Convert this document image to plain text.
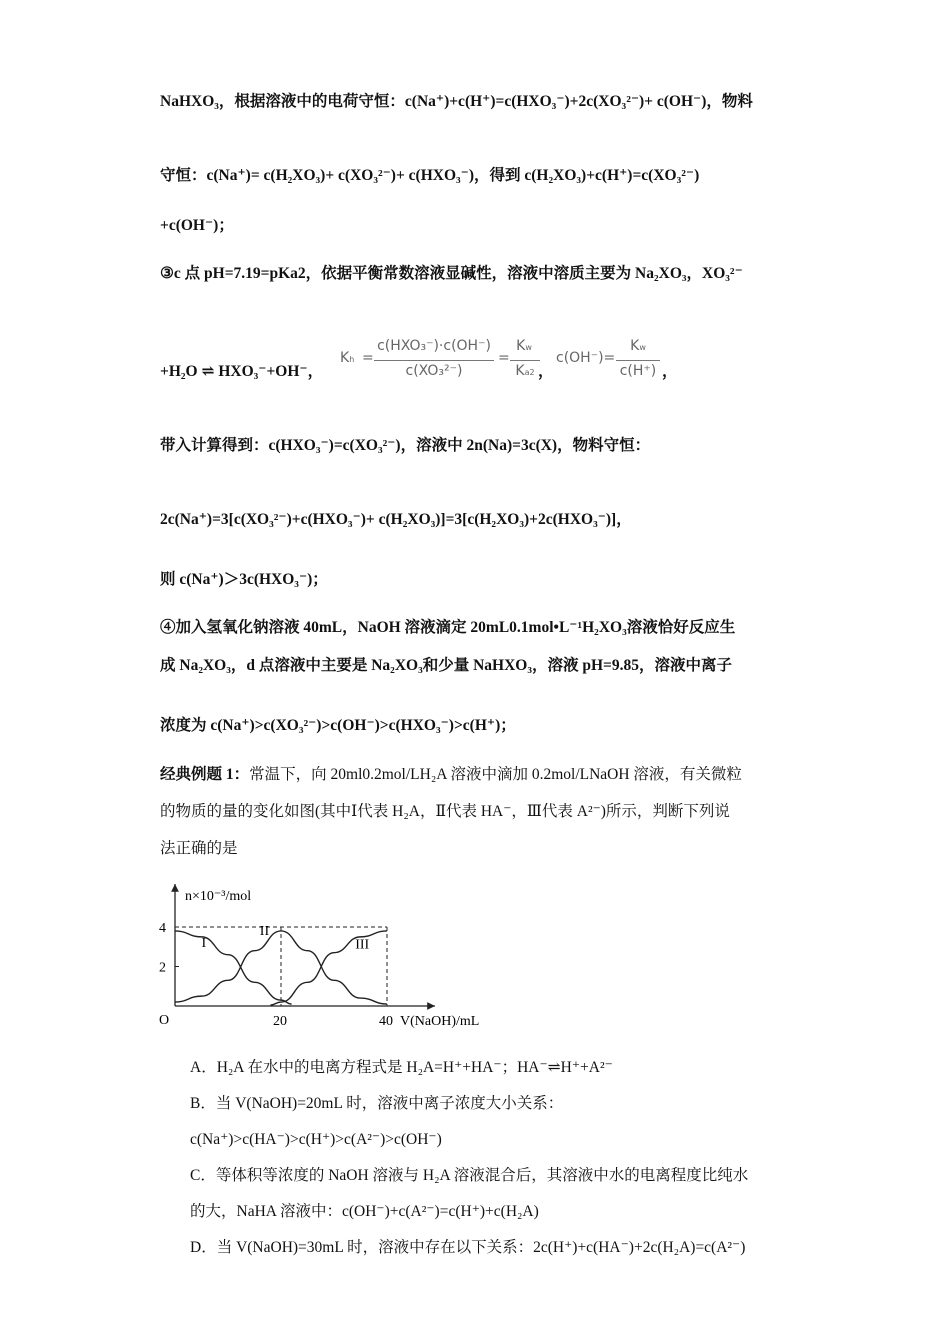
NaHXO₃，根据溶液中的电荷守恒：c(Na⁺)+c(H⁺)=c(HXO₃⁻)+2c(XO₃²⁻)+ c(OH⁻)，物料
守恒：c(Na⁺)= c(H₂XO₃)+ c(XO₃²⁻)+ c(HXO₃⁻)，得到 c(H₂XO₃)+c(H⁺)=c(XO₃²⁻)
+c(OH⁻)；
③c 点 pH=7.19=pKa2，依据平衡常数溶液显碱性，溶液中溶质主要为 Na₂XO₃，XO₃²⁻
+H₂O ⇌ HXO₃⁻+OH⁻，
Kh =
c(HXO₃⁻)·c(OH⁻)
c(XO₃²⁻)
=
Kw
Ka2 ，
c(OH⁻)=
Kw
c(H⁺) ，
带入计算得到：c(HXO₃⁻)=c(XO₃²⁻)，溶液中 2n(Na)=3c(X)，物料守恒：
2c(Na⁺)=3[c(XO₃²⁻)+c(HXO₃⁻)+ c(H₂XO₃)]=3[c(H₂XO₃)+2c(HXO₃⁻)]，
则 c(Na⁺)＞3c(HXO₃⁻)；
④加入氢氧化钠溶液 40mL，NaOH 溶液滴定 20mL0.1mol•L⁻¹H₂XO₃溶液恰好反应生
成 Na₂XO₃，d 点溶液中主要是 Na₂XO₃和少量 NaHXO₃，溶液 pH=9.85，溶液中离子
浓度为 c(Na⁺)>c(XO₃²⁻)>c(OH⁻)>c(HXO₃⁻)>c(H⁺)；
经典例题 1：常温下，向 20ml0.2mol/LH₂A 溶液中滴加 0.2mol/LNaOH 溶液，有关微粒
的物质的量的变化如图(其中Ⅰ代表 H₂A，Ⅱ代表 HA⁻，Ⅲ代表 A²⁻)所示，判断下列说
法正确的是
n×10⁻³/mol
V(NaOH)/mL
O	20	40
2
4
I
II
III
A．H₂A 在水中的电离方程式是 H₂A=H⁺+HA⁻；HA⁻⇌H⁺+A²⁻
B．当 V(NaOH)=20mL 时，溶液中离子浓度大小关系：
c(Na⁺)>c(HA⁻)>c(H⁺)>c(A²⁻)>c(OH⁻)
C．等体积等浓度的 NaOH 溶液与 H₂A 溶液混合后，其溶液中水的电离程度比纯水
的大，NaHA 溶液中：c(OH⁻)+c(A²⁻)=c(H⁺)+c(H₂A)
D．当 V(NaOH)=30mL 时，溶液中存在以下关系：2c(H⁺)+c(HA⁻)+2c(H₂A)=c(A²⁻)
